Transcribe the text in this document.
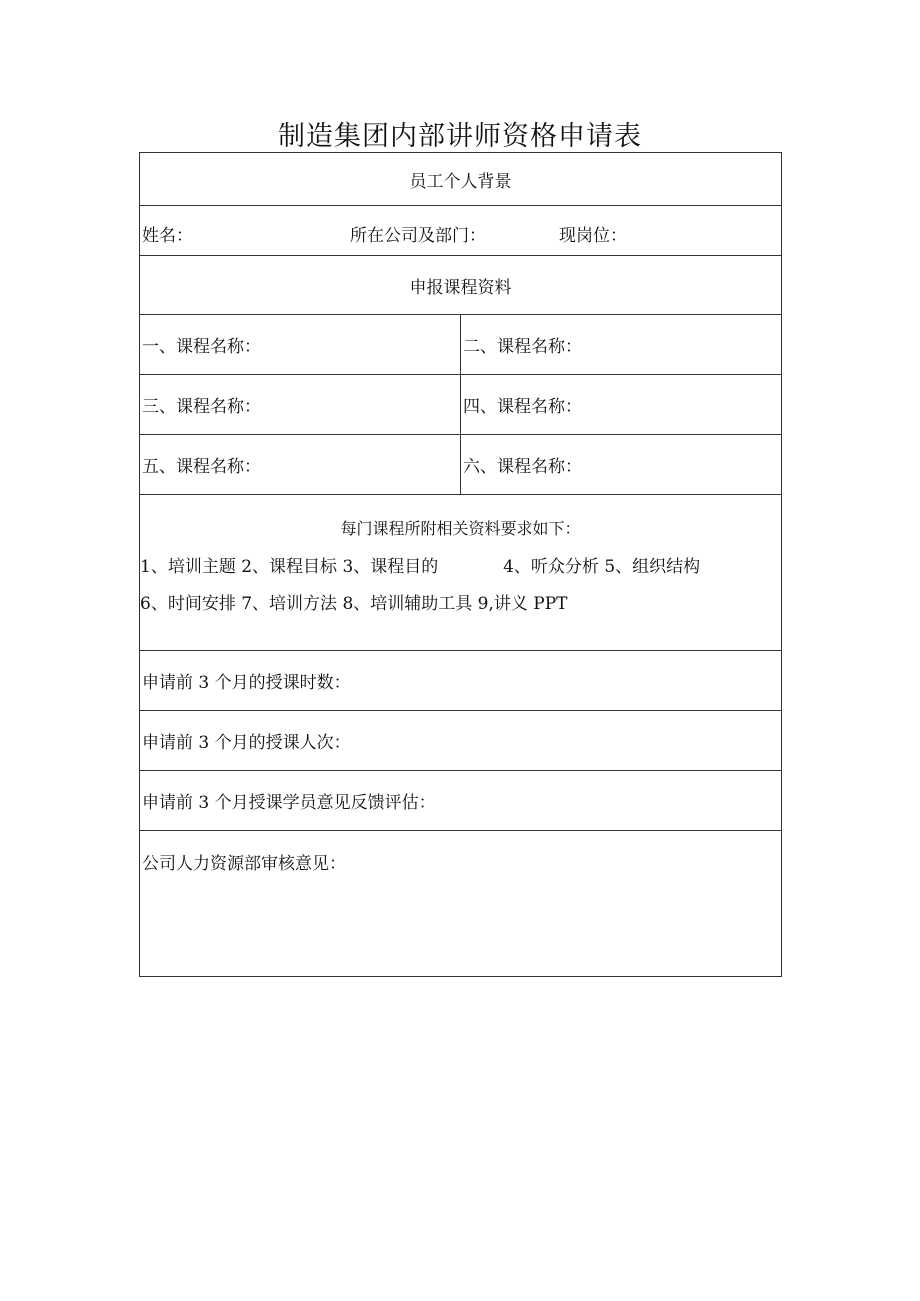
制造集团内部讲师资格申请表
员工个人背景	

姓名： 所在公司及部门： 现岗位：	

申报课程资料	
一、课程名称：	二、课程名称：
三、课程名称：	四、课程名称：
五、课程名称：	六、课程名称：

每门课程所附相关资料要求如下：
1、培训主题 2、课程目标 3、课程目的            4、听众分析 5、组织结构
6、时间安排 7、培训方法 8、培训辅助工具 9,讲义 PPT	

申请前 3 个月的授课时数：	
申请前 3 个月的授课人次：	
申请前 3 个月授课学员意见反馈评估：	
公司人力资源部审核意见：	
